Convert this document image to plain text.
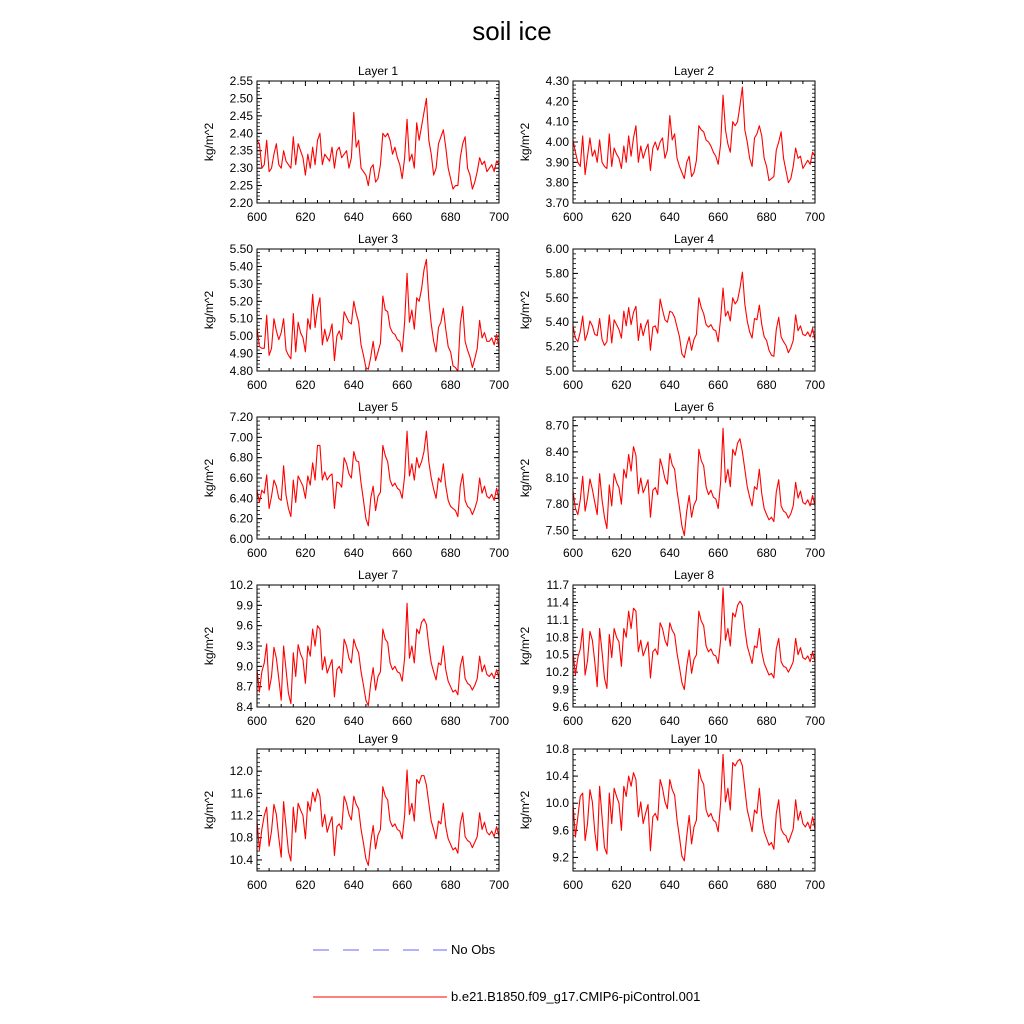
soil ice
Layer 1
kg/m^2
600 620 640 660 680 700
2.20
2.25
2.30
2.35
2.40
2.45
2.50
2.55
Layer 2
kg/m^2
600 620 640 660 680 700
3.70
3.80
3.90
4.00
4.10
4.20
4.30
Layer 3
kg/m^2
600 620 640 660 680 700
4.80
4.90
5.00
5.10
5.20
5.30
5.40
5.50
Layer 4
kg/m^2
600 620 640 660 680 700
5.00
5.20
5.40
5.60
5.80
6.00
Layer 5
kg/m^2
600 620 640 660 680 700
6.00
6.20
6.40
6.60
6.80
7.00
7.20
Layer 6
kg/m^2
600 620 640 660 680 700
7.50
7.80
8.10
8.40
8.70
Layer 7
kg/m^2
600 620 640 660 680 700
8.4
8.7
9.0
9.3
9.6
9.9
10.2
Layer 8
kg/m^2
600 620 640 660 680 700
9.6
9.9
10.2
10.5
10.8
11.1
11.4
11.7
Layer 9
kg/m^2
600 620 640 660 680 700
10.4
10.8
11.2
11.6
12.0
Layer 10
kg/m^2
600 620 640 660 680 700
9.2
9.6
10.0
10.4
10.8
No Obs
b.e21.B1850.f09_g17.CMIP6-piControl.001
